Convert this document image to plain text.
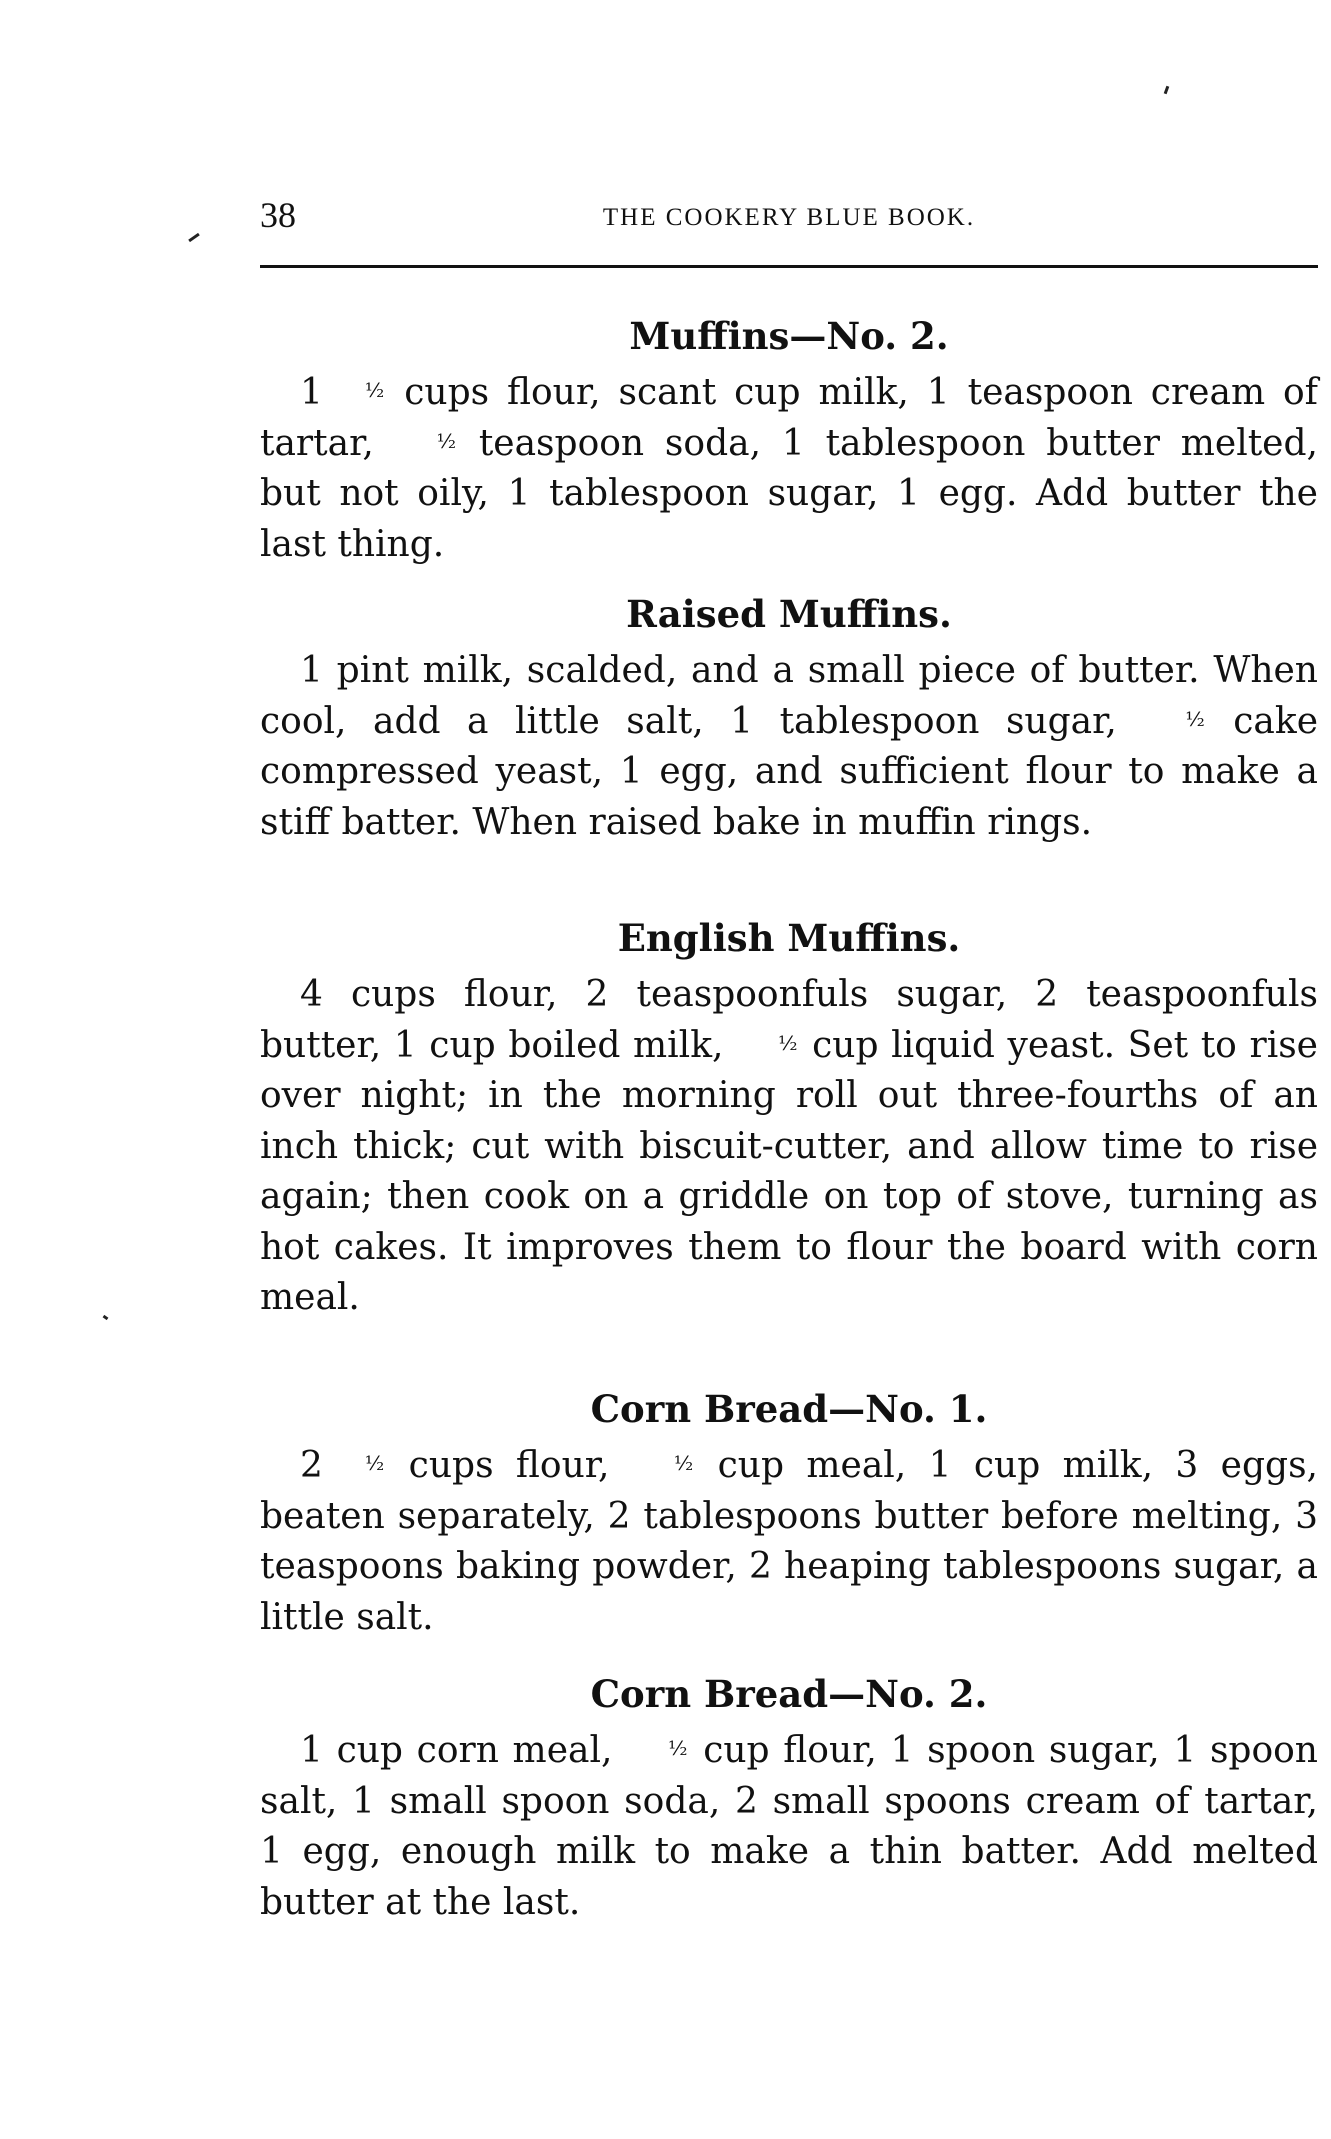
38	THE COOKERY BLUE BOOK.
Muffins—No. 2.

1 ½ cups flour, scant cup milk, 1 teaspoon cream of tartar,	½ teaspoon soda, 1 tablespoon butter melted, but not oily, 1 tablespoon sugar, 1 egg. Add butter the last thing.

Raised Muffins.

1 pint milk, scalded, and a small piece of butter. When cool, add a little salt, 1 tablespoon sugar,	½ cake compressed yeast, 1 egg, and sufficient flour to make a stiff batter. When raised bake in muffin rings.

English Muffins.

4 cups flour, 2 teaspoonfuls sugar, 2 teaspoonfuls butter, 1 cup boiled milk,	½ cup liquid yeast. Set to rise over night; in the morning roll out three-fourths of an inch thick; cut with biscuit-cutter, and allow time to rise again; then cook on a griddle on top of stove, turning as hot cakes. It improves them to flour the board with corn meal.

Corn Bread—No. 1.

2 ½ cups flour,	½ cup meal, 1 cup milk, 3 eggs, beaten separately, 2 tablespoons butter before melting, 3 teaspoons baking powder, 2 heaping tablespoons sugar, a little salt.

Corn Bread—No. 2.

1 cup corn meal,	½ cup flour, 1 spoon sugar, 1 spoon salt, 1 small spoon soda, 2 small spoons cream of tartar, 1 egg, enough milk to make a thin batter. Add melted butter at the last.
